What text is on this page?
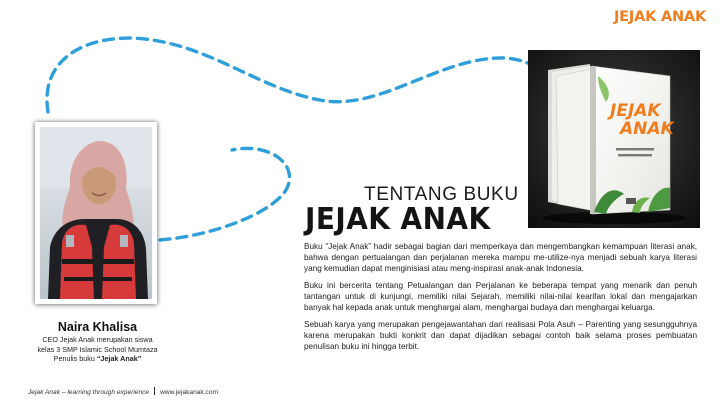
JEJAK ANAK
Naira Khalisa
CEO Jejak Anak merupakan siswa
kelas 3 SMP Islamic School Mumtaza
Penulis buku “Jejak Anak”
JEJAK
ANAK
TENTANG BUKU
JEJAK ANAK

Buku “Jejak Anak” hadir sebagai bagian dari memperkaya dan mengembangkan kemampuan literasi anak, bahwa dengan pertualangan dan perjalanan mereka mampu me-utilize-nya menjadi sebuah karya literasi yang kemudian dapat menginisiasi atau meng-inspirasi anak-anak Indonesia.

Buku ini bercerita tentang Petualangan dan Perjalanan ke beberapa tempat yang menarik dan penuh tantangan untuk di kunjungi, memiliki nilai Sejarah, memiliki nilai-nilai kearifan lokal dan mengajarkan banyak hal kepada anak untuk menghargai alam, menghargai budaya dan menghargai keluarga.

Sebuah karya yang merupakan pengejawantahan dari realisasi Pola Asuh – Parenting yang sesungguhnya karena merupakan bukti konkrit dan dapat dijadikan sebagai contoh baik selama proses pembuatan penulisan buku ini hingga terbit.

Jejak Anak – learning through experience www.jejakanak.com
